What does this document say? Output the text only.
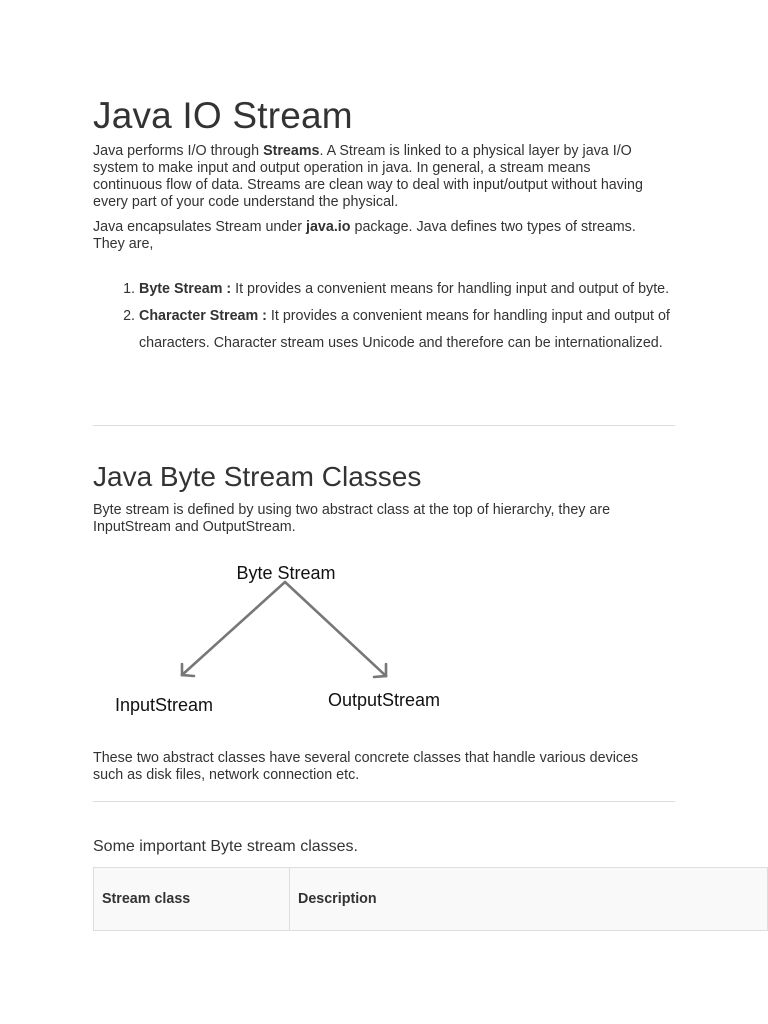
Java IO Stream

Java performs I/O through Streams. A Stream is linked to a physical layer by java I/O system to make input and output operation in java. In general, a stream means continuous flow of data. Streams are clean way to deal with input/output without having every part of your code understand the physical.

Java encapsulates Stream under java.io package. Java defines two types of streams. They are,

1. Byte Stream : It provides a convenient means for handling input and output of byte.
2. Character Stream : It provides a convenient means for handling input and output of characters. Character stream uses Unicode and therefore can be internationalized.
Java Byte Stream Classes

Byte stream is defined by using two abstract class at the top of hierarchy, they are InputStream and OutputStream.

These two abstract classes have several concrete classes that handle various devices such as disk files, network connection etc.

Some important Byte stream classes.

Byte Stream
InputStream	OutputStream
Stream class	Description
